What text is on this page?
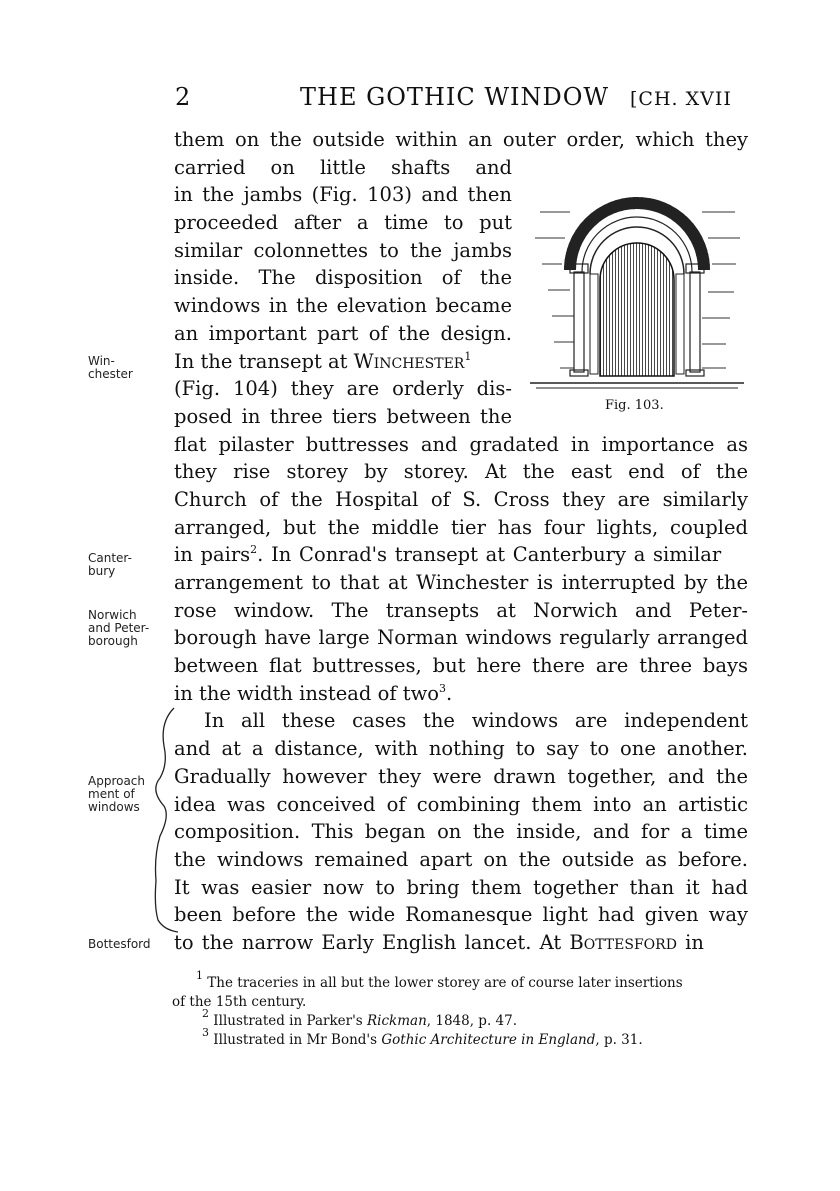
2	THE GOTHIC WINDOW [CH. XVII
them on the outside within an outer order, which they
carried on little shafts and
in the jambs (Fig. 103) and then
proceeded after a time to put
similar colonnettes to the jambs
inside. The disposition of the
windows in the elevation became
an important part of the design.
In the transept at Winchester$^1$
(Fig. 104) they are orderly dis-
posed in three tiers between the
flat pilaster buttresses and gradated in importance as
they rise storey by storey. At the east end of the
Church of the Hospital of S. Cross they are similarly
arranged, but the middle tier has four lights, coupled
in pairs$^2$. In Conrad's transept at Canterbury a similar
arrangement to that at Winchester is interrupted by the
rose window. The transepts at Norwich and Peter-
borough have large Norman windows regularly arranged
between flat buttresses, but here there are three bays
in the width instead of two$^3$.
In all these cases the windows are independent
and at a distance, with nothing to say to one another.
Gradually however they were drawn together, and the
idea was conceived of combining them into an artistic
composition. This began on the inside, and for a time
the windows remained apart on the outside as before.
It was easier now to bring them together than it had
been before the wide Romanesque light had given way
to the narrow Early English lancet. At Bottesford in
Fig. 103.
Win-
chester
Canter-
bury
Norwich
and Peter-
borough
Approach
ment of
windows
Bottesford
$^1$ The traceries in all but the lower storey are of course later insertions
of the 15th century.
$^2$ Illustrated in Parker's Rickman, 1848, p. 47.
$^3$ Illustrated in Mr Bond's Gothic Architecture in England, p. 31.
